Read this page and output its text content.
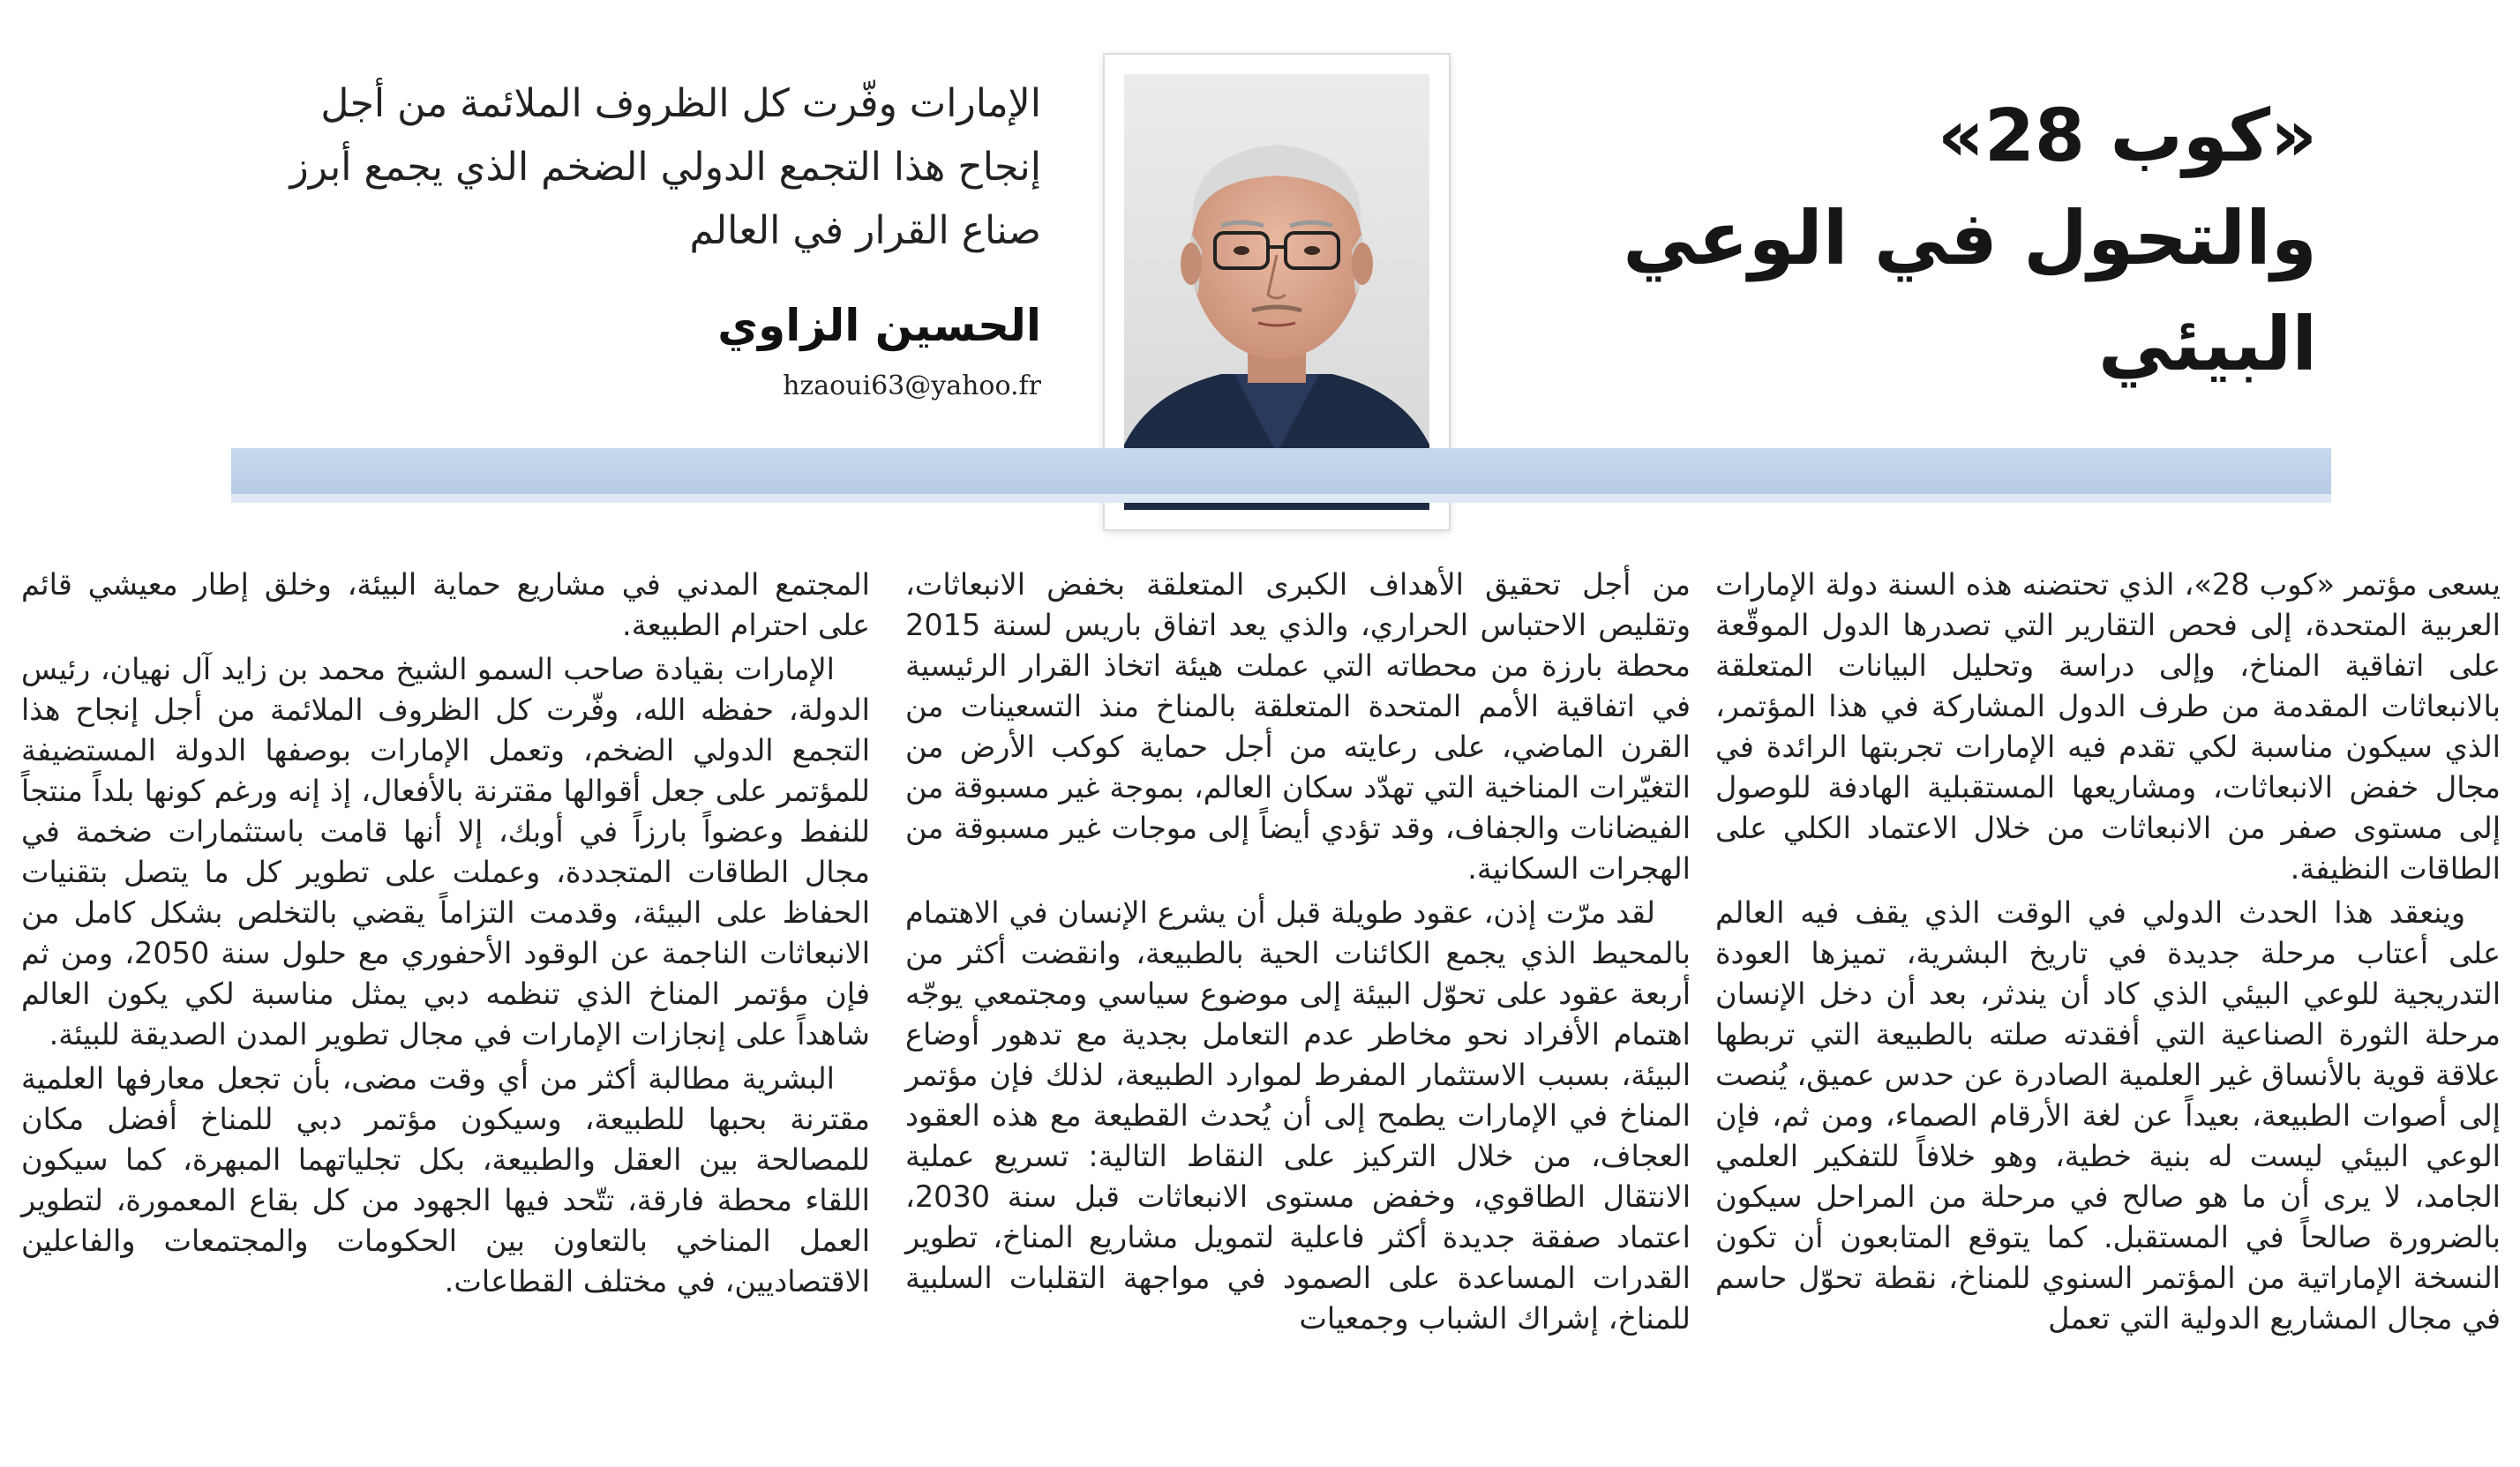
«كوب 28»
والتحول في الوعي البيئي
الإمارات وفّرت كل الظروف الملائمة من أجل إنجاح هذا التجمع الدولي الضخم الذي يجمع أبرز صناع القرار في العالم
الحسين الزاوي
hzaoui63@yahoo.fr

يسعى مؤتمر «كوب 28»، الذي تحتضنه هذه السنة دولة الإمارات العربية المتحدة، إلى فحص التقارير التي تصدرها الدول الموقّعة على اتفاقية المناخ، وإلى دراسة وتحليل البيانات المتعلقة بالانبعاثات المقدمة من طرف الدول المشاركة في هذا المؤتمر، الذي سيكون مناسبة لكي تقدم فيه الإمارات تجربتها الرائدة في مجال خفض الانبعاثات، ومشاريعها المستقبلية الهادفة للوصول إلى مستوى صفر من الانبعاثات من خلال الاعتماد الكلي على الطاقات النظيفة.

وينعقد هذا الحدث الدولي في الوقت الذي يقف فيه العالم على أعتاب مرحلة جديدة في تاريخ البشرية، تميزها العودة التدريجية للوعي البيئي الذي كاد أن يندثر، بعد أن دخل الإنسان مرحلة الثورة الصناعية التي أفقدته صلته بالطبيعة التي تربطها علاقة قوية بالأنساق غير العلمية الصادرة عن حدس عميق، يُنصت إلى أصوات الطبيعة، بعيداً عن لغة الأرقام الصماء، ومن ثم، فإن الوعي البيئي ليست له بنية خطية، وهو خلافاً للتفكير العلمي الجامد، لا يرى أن ما هو صالح في مرحلة من المراحل سيكون بالضرورة صالحاً في المستقبل. كما يتوقع المتابعون أن تكون النسخة الإماراتية من المؤتمر السنوي للمناخ، نقطة تحوّل حاسم في مجال المشاريع الدولية التي تعمل

من أجل تحقيق الأهداف الكبرى المتعلقة بخفض الانبعاثات، وتقليص الاحتباس الحراري، والذي يعد اتفاق باريس لسنة 2015 محطة بارزة من محطاته التي عملت هيئة اتخاذ القرار الرئيسية في اتفاقية الأمم المتحدة المتعلقة بالمناخ منذ التسعينات من القرن الماضي، على رعايته من أجل حماية كوكب الأرض من التغيّرات المناخية التي تهدّد سكان العالم، بموجة غير مسبوقة من الفيضانات والجفاف، وقد تؤدي أيضاً إلى موجات غير مسبوقة من الهجرات السكانية.

لقد مرّت إذن، عقود طويلة قبل أن يشرع الإنسان في الاهتمام بالمحيط الذي يجمع الكائنات الحية بالطبيعة، وانقضت أكثر من أربعة عقود على تحوّل البيئة إلى موضوع سياسي ومجتمعي يوجّه اهتمام الأفراد نحو مخاطر عدم التعامل بجدية مع تدهور أوضاع البيئة، بسبب الاستثمار المفرط لموارد الطبيعة، لذلك فإن مؤتمر المناخ في الإمارات يطمح إلى أن يُحدث القطيعة مع هذه العقود العجاف، من خلال التركيز على النقاط التالية: تسريع عملية الانتقال الطاقوي، وخفض مستوى الانبعاثات قبل سنة 2030، اعتماد صفقة جديدة أكثر فاعلية لتمويل مشاريع المناخ، تطوير القدرات المساعدة على الصمود في مواجهة التقلبات السلبية للمناخ، إشراك الشباب وجمعيات

المجتمع المدني في مشاريع حماية البيئة، وخلق إطار معيشي قائم على احترام الطبيعة.

الإمارات بقيادة صاحب السمو الشيخ محمد بن زايد آل نهيان، رئيس الدولة، حفظه الله، وفّرت كل الظروف الملائمة من أجل إنجاح هذا التجمع الدولي الضخم، وتعمل الإمارات بوصفها الدولة المستضيفة للمؤتمر على جعل أقوالها مقترنة بالأفعال، إذ إنه ورغم كونها بلداً منتجاً للنفط وعضواً بارزاً في أوبك، إلا أنها قامت باستثمارات ضخمة في مجال الطاقات المتجددة، وعملت على تطوير كل ما يتصل بتقنيات الحفاظ على البيئة، وقدمت التزاماً يقضي بالتخلص بشكل كامل من الانبعاثات الناجمة عن الوقود الأحفوري مع حلول سنة 2050، ومن ثم فإن مؤتمر المناخ الذي تنظمه دبي يمثل مناسبة لكي يكون العالم شاهداً على إنجازات الإمارات في مجال تطوير المدن الصديقة للبيئة.

البشرية مطالبة أكثر من أي وقت مضى، بأن تجعل معارفها العلمية مقترنة بحبها للطبيعة، وسيكون مؤتمر دبي للمناخ أفضل مكان للمصالحة بين العقل والطبيعة، بكل تجلياتهما المبهرة، كما سيكون اللقاء محطة فارقة، تتّحد فيها الجهود من كل بقاع المعمورة، لتطوير العمل المناخي بالتعاون بين الحكومات والمجتمعات والفاعلين الاقتصاديين، في مختلف القطاعات.
